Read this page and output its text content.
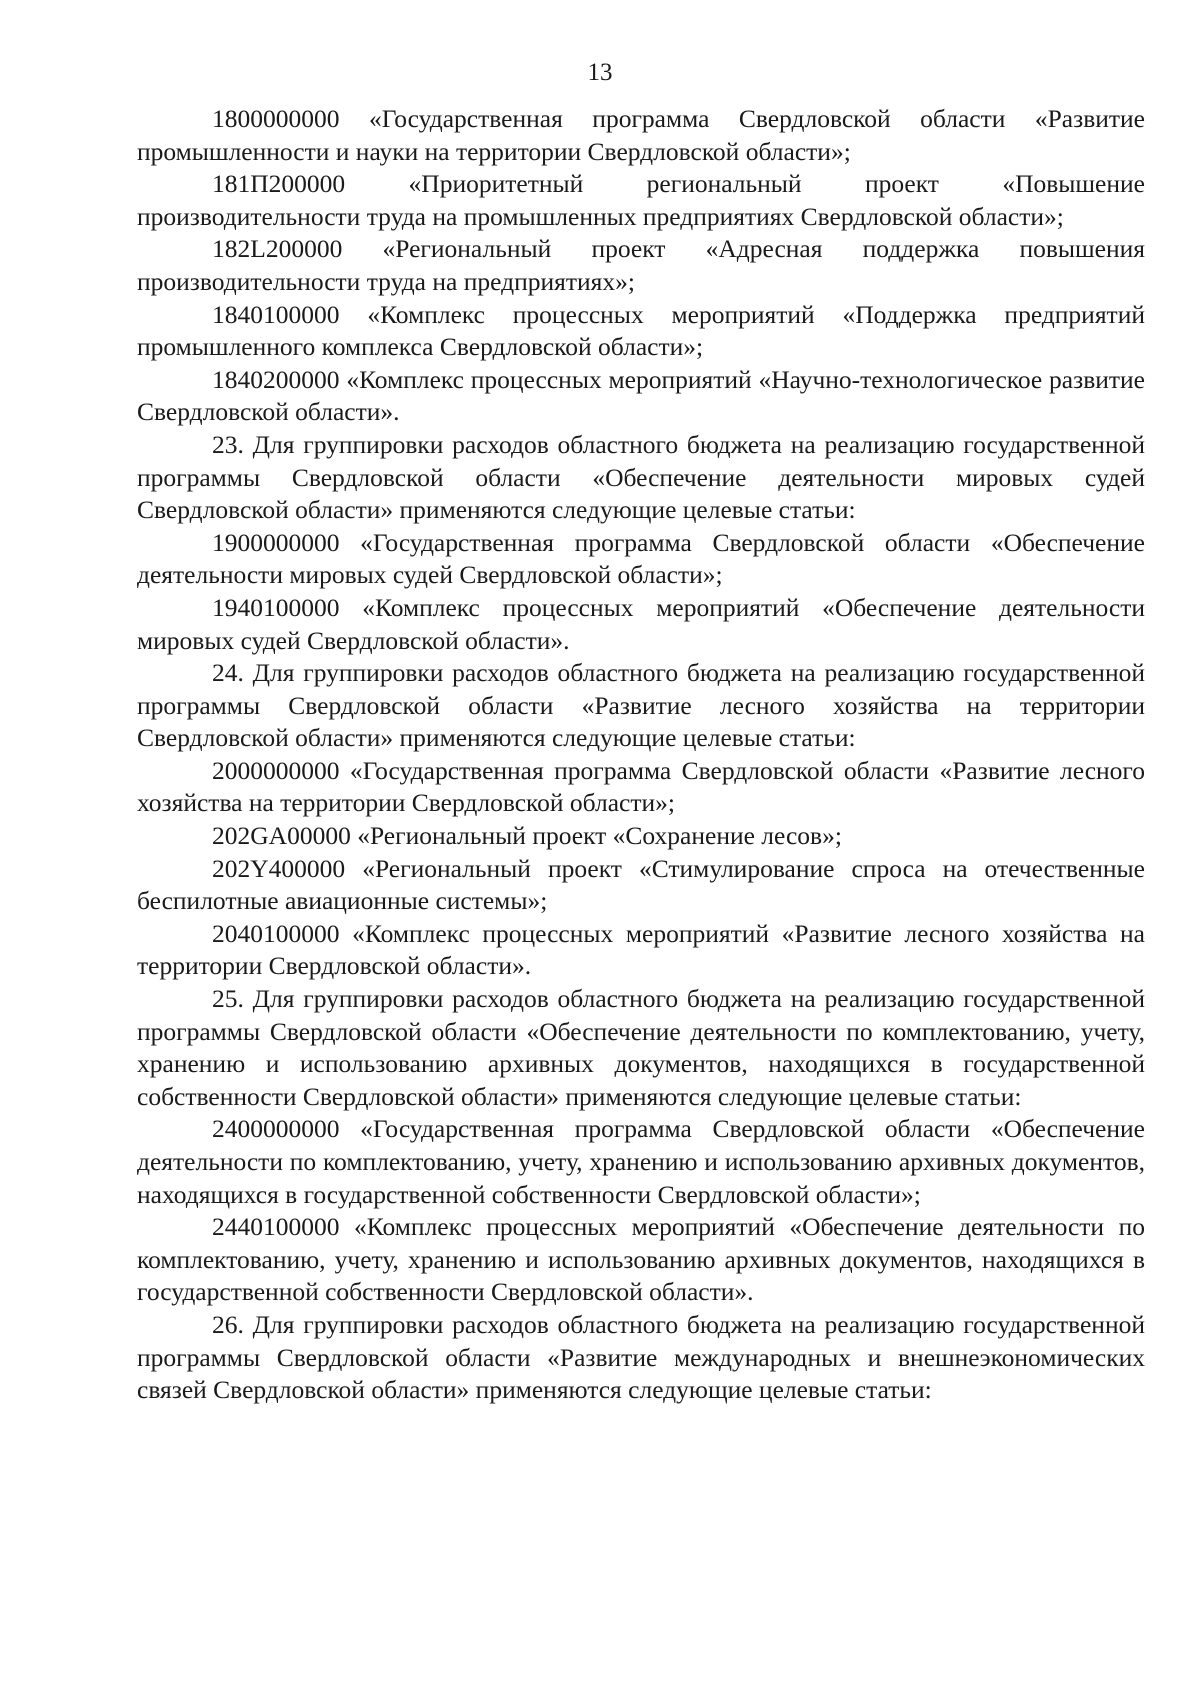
13

1800000000 «Государственная программа Свердловской области «Развитие промышленности и науки на территории Свердловской области»;

181П200000 «Приоритетный региональный проект «Повышение производительности труда на промышленных предприятиях Свердловской области»;

182L200000 «Региональный проект «Адресная поддержка повышения производительности труда на предприятиях»;

1840100000 «Комплекс процессных мероприятий «Поддержка предприятий промышленного комплекса Свердловской области»;

1840200000 «Комплекс процессных мероприятий «Научно-технологическое развитие Свердловской области».

23. Для группировки расходов областного бюджета на реализацию государственной программы Свердловской области «Обеспечение деятельности мировых судей Свердловской области» применяются следующие целевые статьи:

1900000000 «Государственная программа Свердловской области «Обеспечение деятельности мировых судей Свердловской области»;

1940100000 «Комплекс процессных мероприятий «Обеспечение деятельности мировых судей Свердловской области».

24. Для группировки расходов областного бюджета на реализацию государственной программы Свердловской области «Развитие лесного хозяйства на территории Свердловской области» применяются следующие целевые статьи:

2000000000 «Государственная программа Свердловской области «Развитие лесного хозяйства на территории Свердловской области»;

202GA00000 «Региональный проект «Сохранение лесов»;

202Y400000 «Региональный проект «Стимулирование спроса на отечественные беспилотные авиационные системы»;

2040100000 «Комплекс процессных мероприятий «Развитие лесного хозяйства на территории Свердловской области».

25. Для группировки расходов областного бюджета на реализацию государственной программы Свердловской области «Обеспечение деятельности по комплектованию, учету, хранению и использованию архивных документов, находящихся в государственной собственности Свердловской области» применяются следующие целевые статьи:

2400000000 «Государственная программа Свердловской области «Обеспечение деятельности по комплектованию, учету, хранению и использованию архивных документов, находящихся в государственной собственности Свердловской области»;

2440100000 «Комплекс процессных мероприятий «Обеспечение деятельности по комплектованию, учету, хранению и использованию архивных документов, находящихся в государственной собственности Свердловской области».

26. Для группировки расходов областного бюджета на реализацию государственной программы Свердловской области «Развитие международных и внешнеэкономических связей Свердловской области» применяются следующие целевые статьи:
